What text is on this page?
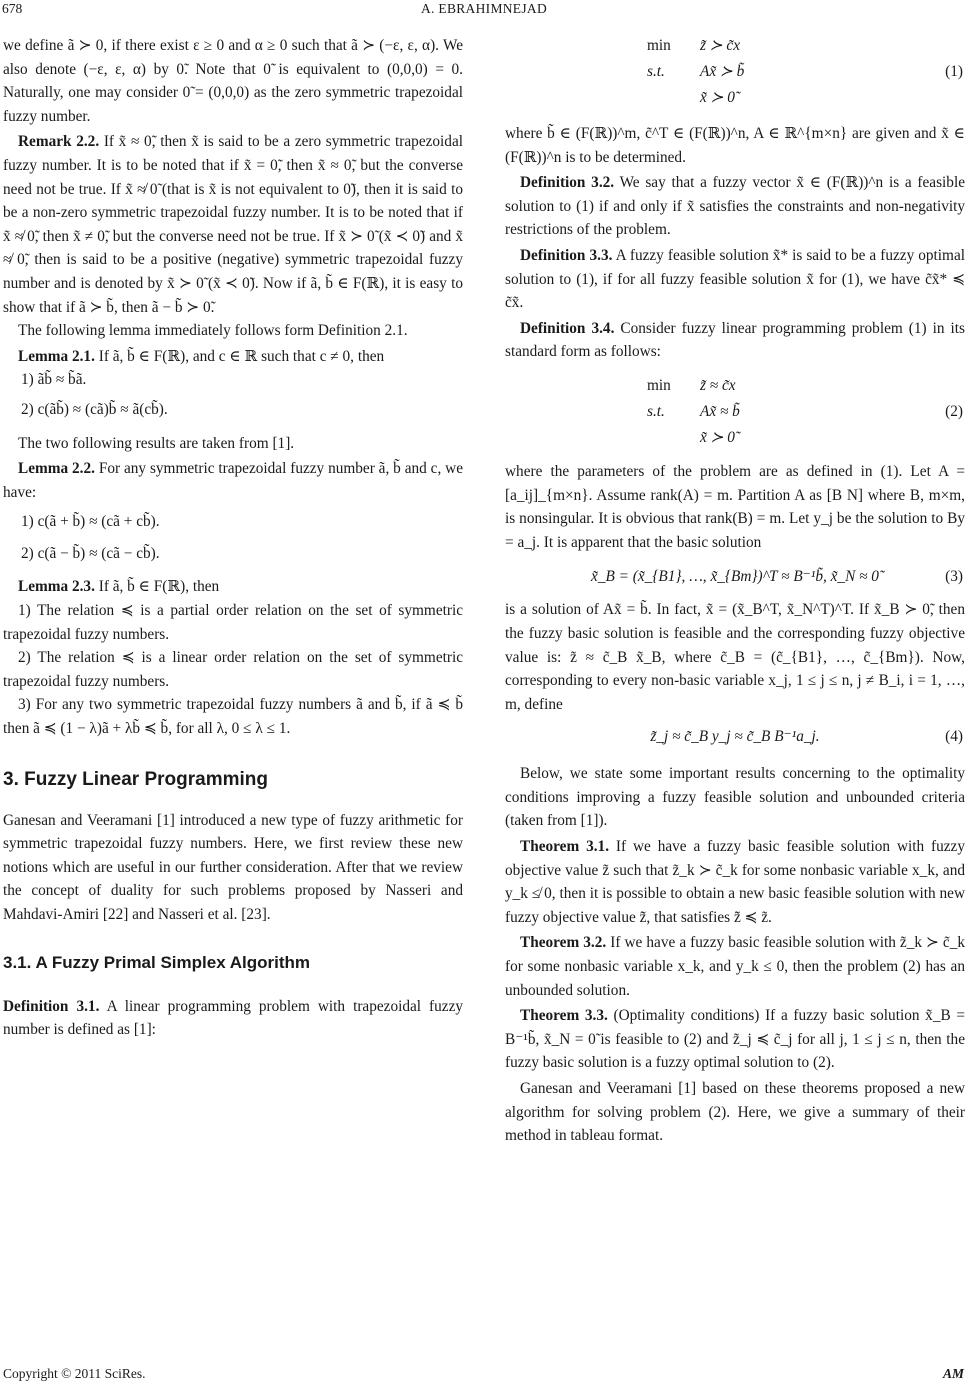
678	A. EBRAHIMNEJAD

we define ã ≻ 0, if there exist ε ≥ 0 and α ≥ 0 such that ã ≻ (−ε, ε, α). We also denote (−ε, ε, α) by 0̃. Note that 0̃ is equivalent to (0,0,0) = 0. Naturally, one may consider 0̃ = (0,0,0) as the zero symmetric trapezoidal fuzzy number.

Remark 2.2. If x̃ ≈ 0̃, then x̃ is said to be a zero symmetric trapezoidal fuzzy number. It is to be noted that if x̃ = 0̃, then x̃ ≈ 0̃, but the converse need not be true. If x̃ ≉ 0̃ (that is x̃ is not equivalent to 0̃), then it is said to be a non-zero symmetric trapezoidal fuzzy number. It is to be noted that if x̃ ≉ 0̃, then x̃ ≠ 0̃, but the converse need not be true. If x̃ ≻ 0̃ (x̃ ≺ 0̃) and x̃ ≉ 0̃, then is said to be a positive (negative) symmetric trapezoidal fuzzy number and is denoted by x̃ ≻ 0̃ (x̃ ≺ 0̃). Now if ã, b̃ ∈ F(ℝ), it is easy to show that if ã ≻ b̃, then ã − b̃ ≻ 0̃.

The following lemma immediately follows form Definition 2.1.

Lemma 2.1. If ã, b̃ ∈ F(ℝ), and c ∈ ℝ such that c ≠ 0, then

1) ãb̃ ≈ b̃ã.

2) c(ãb̃) ≈ (cã)b̃ ≈ ã(cb̃).

The two following results are taken from [1].

Lemma 2.2. For any symmetric trapezoidal fuzzy number ã, b̃ and c, we have:

1) c(ã + b̃) ≈ (cã + cb̃).

2) c(ã − b̃) ≈ (cã − cb̃).

Lemma 2.3. If ã, b̃ ∈ F(ℝ), then

1) The relation ≼ is a partial order relation on the set of symmetric trapezoidal fuzzy numbers.

2) The relation ≼ is a linear order relation on the set of symmetric trapezoidal fuzzy numbers.

3) For any two symmetric trapezoidal fuzzy numbers ã and b̃, if ã ≼ b̃ then ã ≼ (1 − λ)ã + λb̃ ≼ b̃, for all λ, 0 ≤ λ ≤ 1.

3. Fuzzy Linear Programming

Ganesan and Veeramani [1] introduced a new type of fuzzy arithmetic for symmetric trapezoidal fuzzy numbers. Here, we first review these new notions which are useful in our further consideration. After that we review the concept of duality for such problems proposed by Nasseri and Mahdavi-Amiri [22] and Nasseri et al. [23].

3.1. A Fuzzy Primal Simplex Algorithm

Definition 3.1. A linear programming problem with trapezoidal fuzzy number is defined as [1]:

min z̃ ≻ c̃x
s.t. Ax̃ ≻ b̃
x̃ ≻ 0̃
(1)

where b̃ ∈ (F(ℝ))^m, c̃^T ∈ (F(ℝ))^n, A ∈ ℝ^{m×n} are given and x̃ ∈ (F(ℝ))^n is to be determined.

Definition 3.2. We say that a fuzzy vector x̃ ∈ (F(ℝ))^n is a feasible solution to (1) if and only if x̃ satisfies the constraints and non-negativity restrictions of the problem.

Definition 3.3. A fuzzy feasible solution x̃* is said to be a fuzzy optimal solution to (1), if for all fuzzy feasible solution x̃ for (1), we have c̃x̃* ≼ c̃x̃.

Definition 3.4. Consider fuzzy linear programming problem (1) in its standard form as follows:

min z̃ ≈ c̃x
s.t. Ax̃ ≈ b̃
x̃ ≻ 0̃
(2)

where the parameters of the problem are as defined in (1). Let A = [a_ij]_{m×n}. Assume rank(A) = m. Partition A as [B N] where B, m×m, is nonsingular. It is obvious that rank(B) = m. Let y_j be the solution to By = a_j. It is apparent that the basic solution

x̃_B = (x̃_{B1}, …, x̃_{Bm})^T ≈ B⁻¹b̃, x̃_N ≈ 0̃	(3)

is a solution of Ax̃ = b̃. In fact, x̃ = (x̃_B^T, x̃_N^T)^T. If x̃_B ≻ 0̃, then the fuzzy basic solution is feasible and the corresponding fuzzy objective value is: z̃ ≈ c̃_B x̃_B, where c̃_B = (c̃_{B1}, …, c̃_{Bm}). Now, corresponding to every non-basic variable x_j, 1 ≤ j ≤ n, j ≠ B_i, i = 1, …, m, define

z̃_j ≈ c̃_B y_j ≈ c̃_B B⁻¹a_j.	(4)

Below, we state some important results concerning to the optimality conditions improving a fuzzy feasible solution and unbounded criteria (taken from [1]).

Theorem 3.1. If we have a fuzzy basic feasible solution with fuzzy objective value z̃ such that z̃_k ≻ c̃_k for some nonbasic variable x_k, and y_k ≰ 0, then it is possible to obtain a new basic feasible solution with new fuzzy objective value z̃̃, that satisfies z̃̃ ≼ z̃.

Theorem 3.2. If we have a fuzzy basic feasible solution with z̃_k ≻ c̃_k for some nonbasic variable x_k, and y_k ≤ 0, then the problem (2) has an unbounded solution.

Theorem 3.3. (Optimality conditions) If a fuzzy basic solution x̃_B = B⁻¹b̃, x̃_N = 0̃ is feasible to (2) and z̃_j ≼ c̃_j for all j, 1 ≤ j ≤ n, then the fuzzy basic solution is a fuzzy optimal solution to (2).

Ganesan and Veeramani [1] based on these theorems proposed a new algorithm for solving problem (2). Here, we give a summary of their method in tableau format.

Copyright © 2011 SciRes.	AM
